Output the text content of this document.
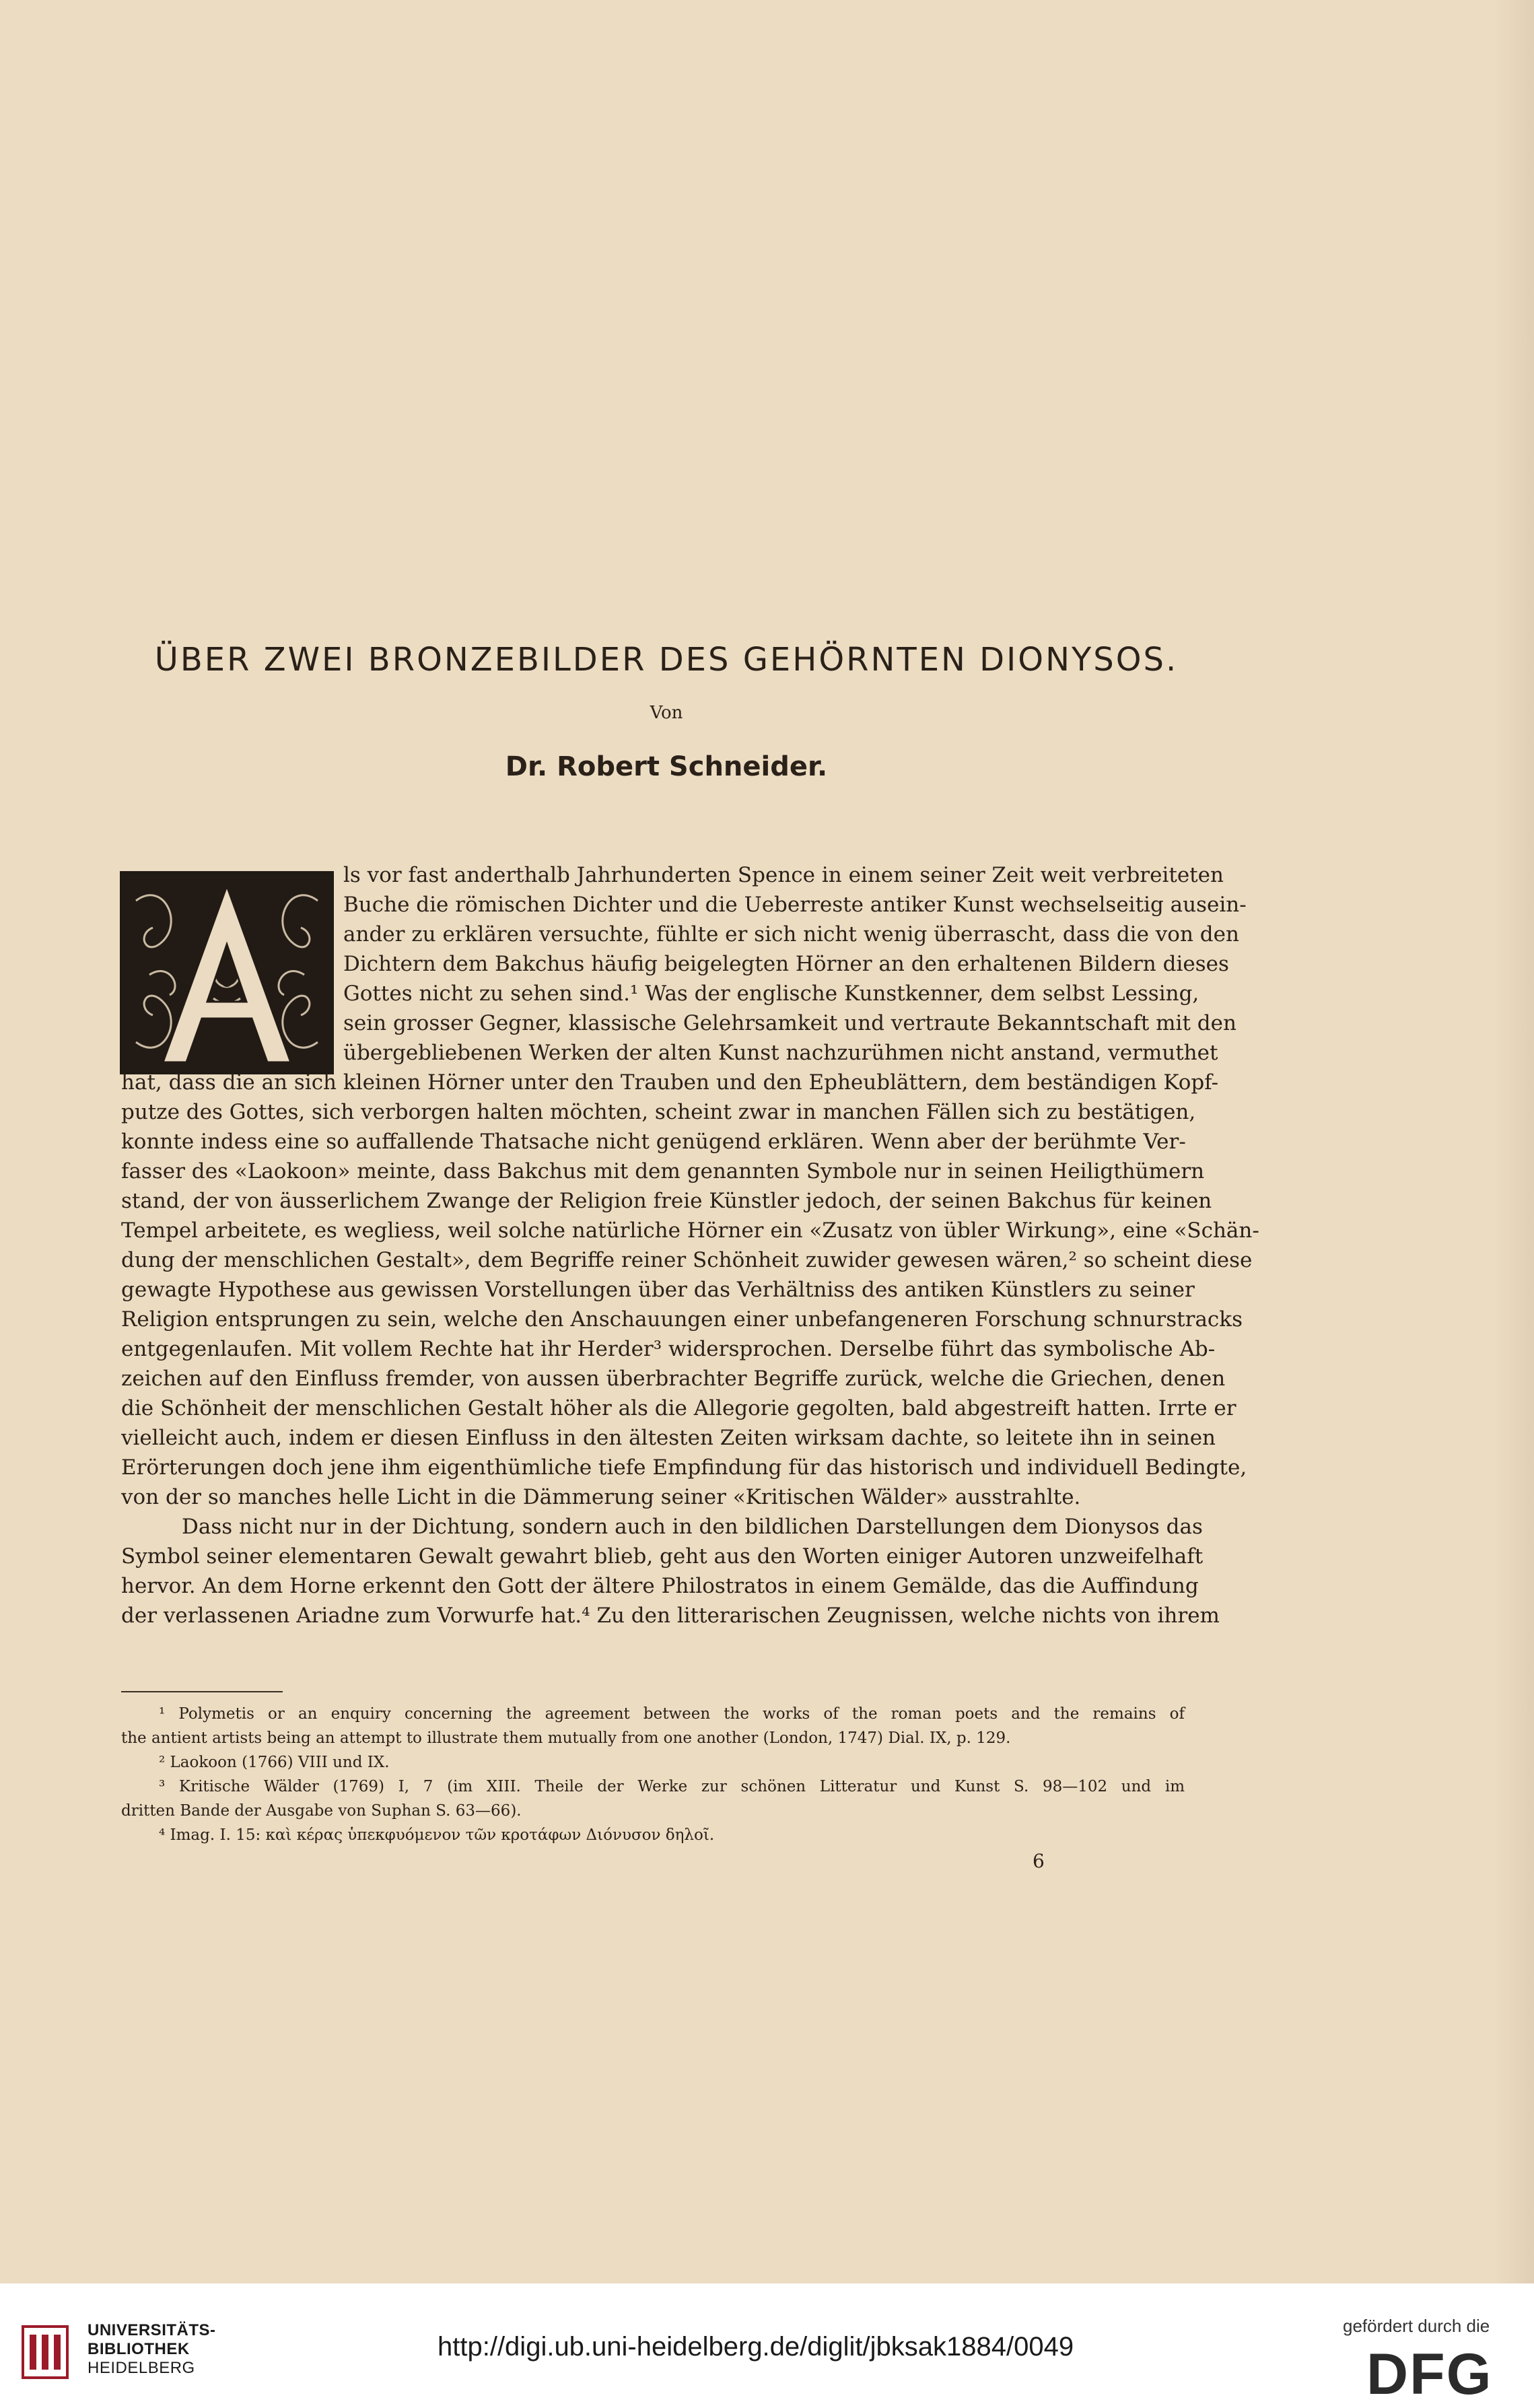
ÜBER ZWEI BRONZEBILDER DES GEHÖRNTEN DIONYSOS.
Von
Dr. Robert Schneider.
ls vor fast anderthalb Jahrhunderten Spence in einem seiner Zeit weit verbreiteten
Buche die römischen Dichter und die Ueberreste antiker Kunst wechselseitig ausein-
ander zu erklären versuchte, fühlte er sich nicht wenig überrascht, dass die von den
Dichtern dem Bakchus häufig beigelegten Hörner an den erhaltenen Bildern dieses
Gottes nicht zu sehen sind.¹ Was der englische Kunstkenner, dem selbst Lessing,
sein grosser Gegner, klassische Gelehrsamkeit und vertraute Bekanntschaft mit den
übergebliebenen Werken der alten Kunst nachzurühmen nicht anstand, vermuthet
hat, dass die an sich kleinen Hörner unter den Trauben und den Epheublättern, dem beständigen Kopf-
putze des Gottes, sich verborgen halten möchten, scheint zwar in manchen Fällen sich zu bestätigen,
konnte indess eine so auffallende Thatsache nicht genügend erklären. Wenn aber der berühmte Ver-
fasser des «Laokoon» meinte, dass Bakchus mit dem genannten Symbole nur in seinen Heiligthümern
stand, der von äusserlichem Zwange der Religion freie Künstler jedoch, der seinen Bakchus für keinen
Tempel arbeitete, es wegliess, weil solche natürliche Hörner ein «Zusatz von übler Wirkung», eine «Schän-
dung der menschlichen Gestalt», dem Begriffe reiner Schönheit zuwider gewesen wären,² so scheint diese
gewagte Hypothese aus gewissen Vorstellungen über das Verhältniss des antiken Künstlers zu seiner
Religion entsprungen zu sein, welche den Anschauungen einer unbefangeneren Forschung schnurstracks
entgegenlaufen. Mit vollem Rechte hat ihr Herder³ widersprochen. Derselbe führt das symbolische Ab-
zeichen auf den Einfluss fremder, von aussen überbrachter Begriffe zurück, welche die Griechen, denen
die Schönheit der menschlichen Gestalt höher als die Allegorie gegolten, bald abgestreift hatten. Irrte er
vielleicht auch, indem er diesen Einfluss in den ältesten Zeiten wirksam dachte, so leitete ihn in seinen
Erörterungen doch jene ihm eigenthümliche tiefe Empfindung für das historisch und individuell Bedingte,
von der so manches helle Licht in die Dämmerung seiner «Kritischen Wälder» ausstrahlte.
Dass nicht nur in der Dichtung, sondern auch in den bildlichen Darstellungen dem Dionysos das
Symbol seiner elementaren Gewalt gewahrt blieb, geht aus den Worten einiger Autoren unzweifelhaft
hervor. An dem Horne erkennt den Gott der ältere Philostratos in einem Gemälde, das die Auffindung
der verlassenen Ariadne zum Vorwurfe hat.⁴ Zu den litterarischen Zeugnissen, welche nichts von ihrem
¹ Polymetis or an enquiry concerning the agreement between the works of the roman poets and the remains of
the antient artists being an attempt to illustrate them mutually from one another (London, 1747) Dial. IX, p. 129.
² Laokoon (1766) VIII und IX.
³ Kritische Wälder (1769) I, 7 (im XIII. Theile der Werke zur schönen Litteratur und Kunst S. 98—102 und im
dritten Bande der Ausgabe von Suphan S. 63—66).
⁴ Imag. I. 15: καὶ κέρας ὑπεκφυόμενον τῶν κροτάφων Διόνυσον δηλοῖ.
6
UNIVERSITÄTS-
BIBLIOTHEK
HEIDELBERG
http://digi.ub.uni-heidelberg.de/diglit/jbksak1884/0049
gefördert durch die
DFG
